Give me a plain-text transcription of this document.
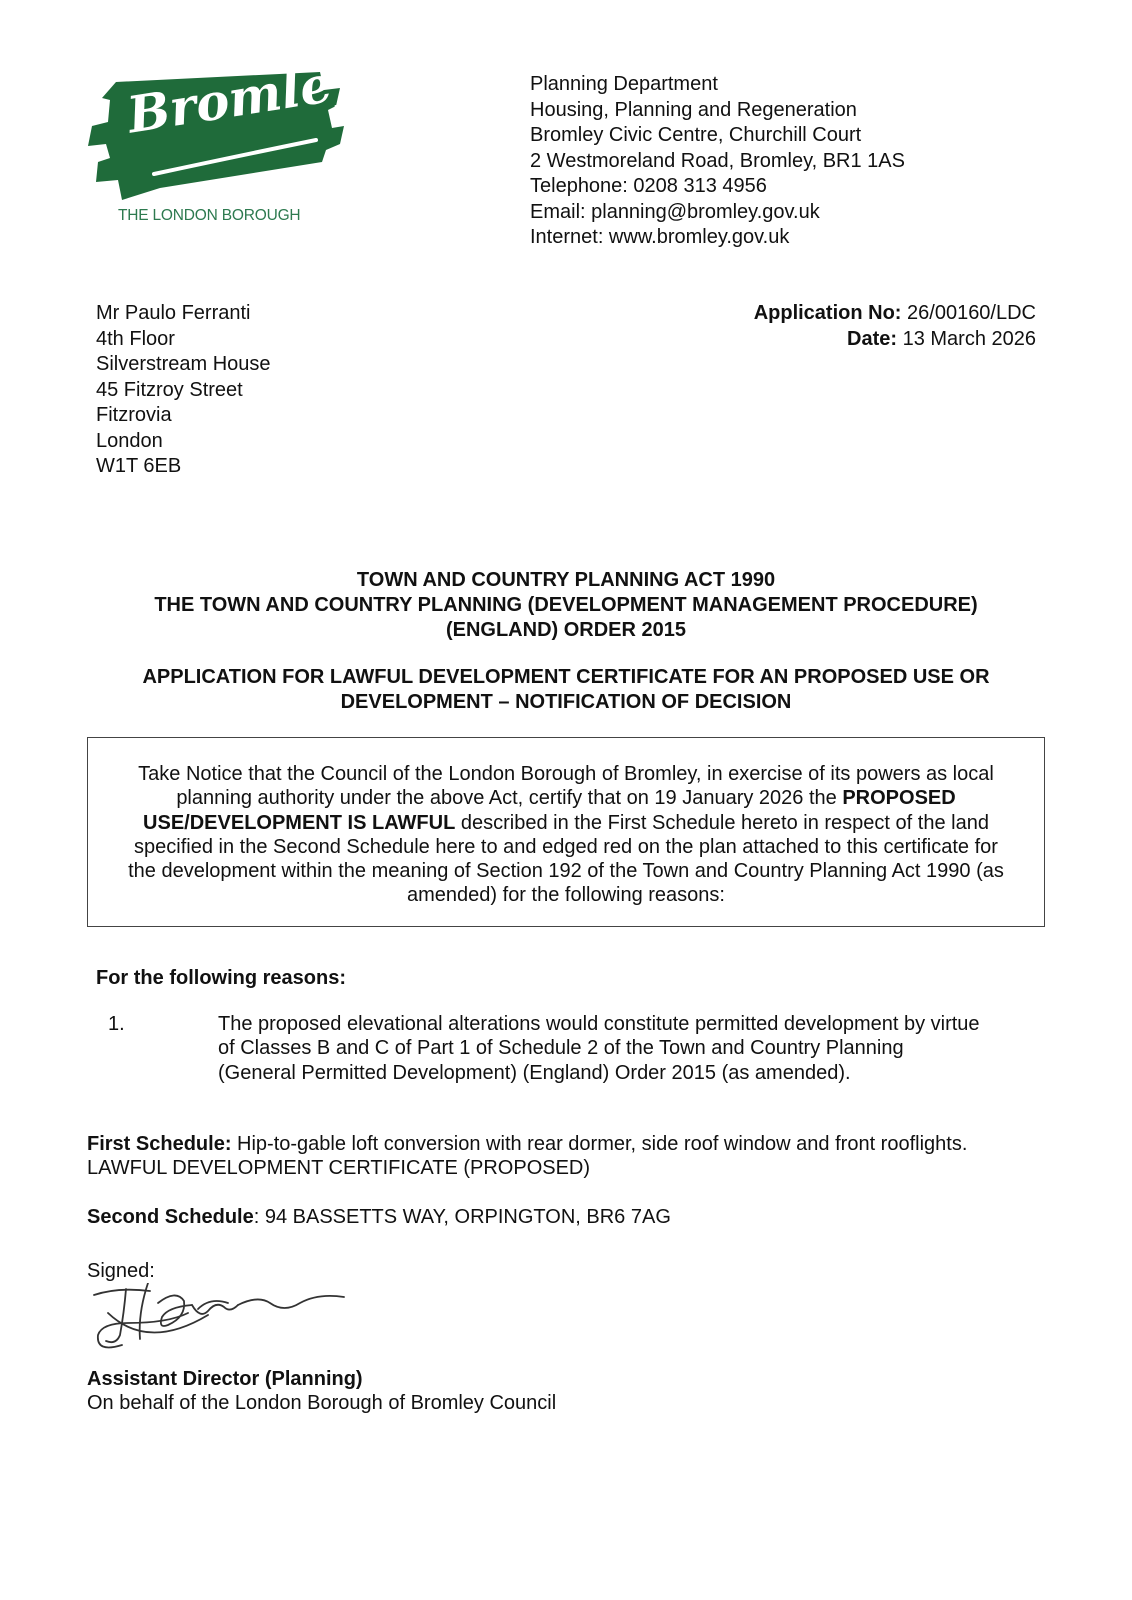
Bromley
THE LONDON BOROUGH
Planning Department
Housing, Planning and Regeneration
Bromley Civic Centre, Churchill Court
2 Westmoreland Road, Bromley, BR1 1AS
Telephone: 0208 313 4956
Email: planning@bromley.gov.uk
Internet: www.bromley.gov.uk
Mr Paulo Ferranti
4th Floor
Silverstream House
45 Fitzroy Street
Fitzrovia
London
W1T 6EB
Application No: 26/00160/LDC
Date: 13 March 2026
TOWN AND COUNTRY PLANNING ACT 1990
THE TOWN AND COUNTRY PLANNING (DEVELOPMENT MANAGEMENT PROCEDURE)
(ENGLAND) ORDER 2015
APPLICATION FOR LAWFUL DEVELOPMENT CERTIFICATE FOR AN PROPOSED USE OR
DEVELOPMENT – NOTIFICATION OF DECISION
Take Notice that the Council of the London Borough of Bromley, in exercise of its powers as local
planning authority under the above Act, certify that on 19 January 2026 the PROPOSED
USE/DEVELOPMENT IS LAWFUL described in the First Schedule hereto in respect of the land
specified in the Second Schedule here to and edged red on the plan attached to this certificate for
the development within the meaning of Section 192 of the Town and Country Planning Act 1990 (as
amended) for the following reasons:
For the following reasons:
1.	The proposed elevational alterations would constitute permitted development by virtue
of Classes B and C of Part 1 of Schedule 2 of the Town and Country Planning
(General Permitted Development) (England) Order 2015 (as amended).
First Schedule: Hip-to-gable loft conversion with rear dormer, side roof window and front rooflights.
LAWFUL DEVELOPMENT CERTIFICATE (PROPOSED)
Second Schedule: 94 BASSETTS WAY, ORPINGTON, BR6 7AG
Signed:
Assistant Director (Planning)
On behalf of the London Borough of Bromley Council
